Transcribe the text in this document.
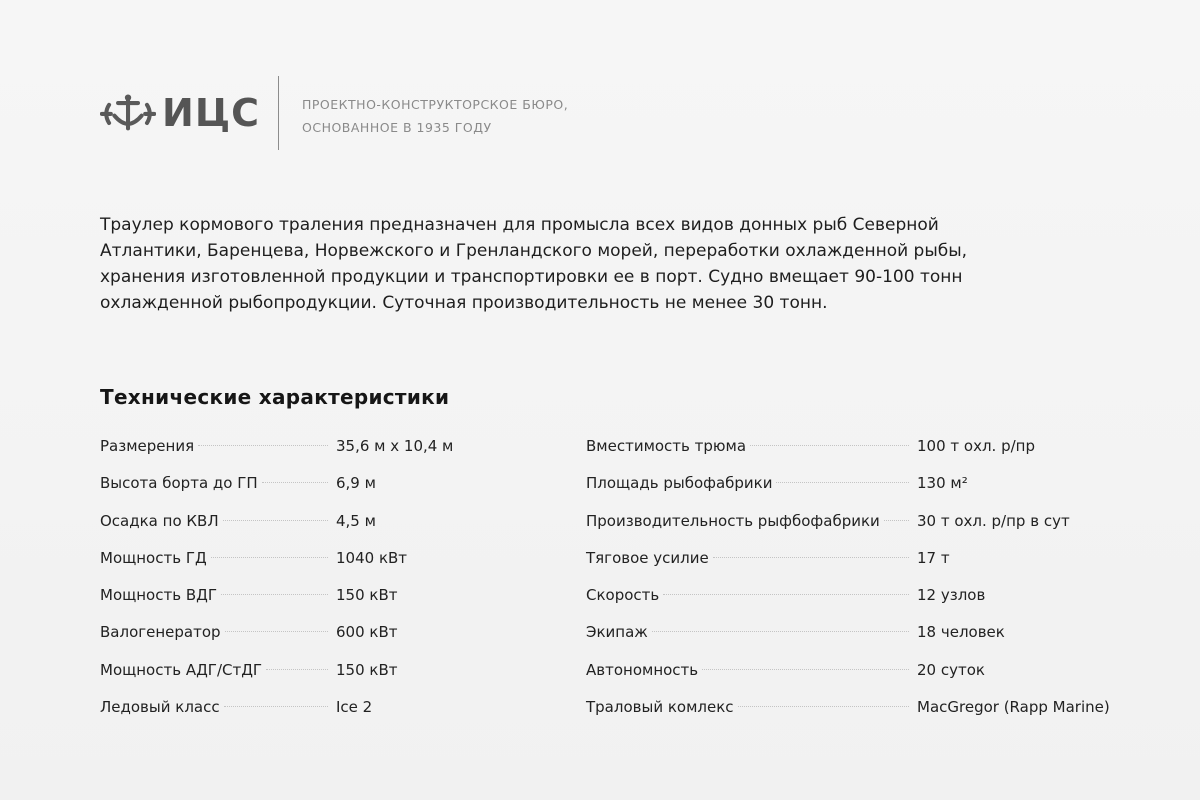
ИЦС	ПРОЕКТНО-КОНСТРУКТОРСКОЕ БЮРО,
ОСНОВАННОЕ В 1935 ГОДУ
Траулер кормового траления предназначен для промысла всех видов донных рыб Северной Атлантики, Баренцева, Норвежского и Гренландского морей, переработки охлажденной рыбы, хранения изготовленной продукции и транспортировки ее в порт. Судно вмещает 90-100 тонн охлажденной рыбопродукции. Суточная производительность не менее 30 тонн.
Технические характеристики
Размерения	35,6 м х 10,4 м
Высота борта до ГП	6,9 м
Осадка по КВЛ	4,5 м
Мощность ГД	1040 кВт
Мощность ВДГ	150 кВт
Валогенератор	600 кВт
Мощность АДГ/СтДГ	150 кВт
Ледовый класс	Ice 2
Вместимость трюма	100 т охл. р/пр
Площадь рыбофабрики	130 м²
Производительность рыфбофабрики 30 т охл. р/пр в сут
Тяговое усилие	17 т
Скорость	12 узлов
Экипаж	18 человек
Автономность	20 суток
Траловый комлекс	MacGregor (Rapp Marine)
